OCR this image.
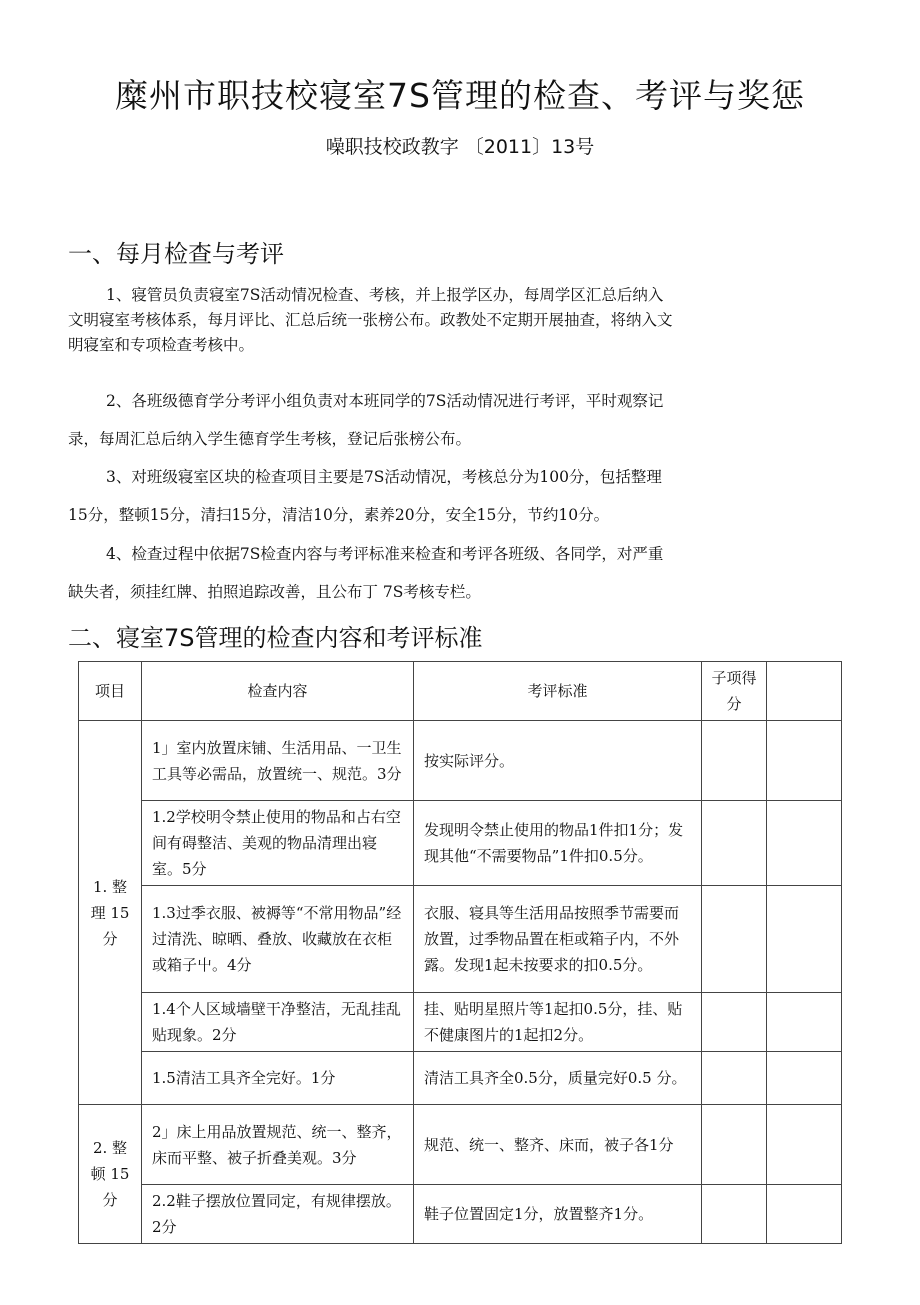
糜州市职技校寝室7S管理的检查、考评与奖惩
噪职技校政教字 〔2011〕13号
一、每月检查与考评
1、寝管员负责寝室7S活动情况检查、考核，并上报学区办，每周学区汇总后纳入
文明寝室考核体系，每月评比、汇总后统一张榜公布。政教处不定期开展抽查，将纳入文
明寝室和专项检查考核中。
2、各班级德育学分考评小组负责对本班同学的7S活动情况进行考评，平时观察记
录，每周汇总后纳入学生德育学生考核，登记后张榜公布。
3、对班级寝室区块的检查项目主要是7S活动情况，考核总分为100分，包括整理
15分，整顿15分，清扫15分，清洁10分，素养20分，安全15分，节约10分。
4、检查过程中依据7S检查内容与考评标准来检查和考评各班级、各同学，对严重
缺失者，须挂红牌、拍照追踪改善，且公布丁 7S考核专栏。
二、寝室7S管理的检查内容和考评标准
项目	检查内容	考评标准	子项得分	
1. 整理 15 分	1」室内放置床铺、生活用品、一卫生工具等必需品，放置统一、规范。3分	按实际评分。		
	1.2学校明令禁止使用的物品和占右空间有碍整洁、美观的物品清理出寝室。5分	发现明令禁止使用的物品1件扣1分；发现其他“不需要物品”1件扣0.5分。		
	1.3过季衣服、被褥等“不常用物品”经过清洗、晾晒、叠放、收藏放在衣柜或箱子屮。4分	衣服、寝具等生活用品按照季节需要而放置，过季物品置在柜或箱子内，不外露。发现1起未按要求的扣0.5分。		
	1.4个人区域墙壁干净整洁，无乱挂乱贴现象。2分	挂、贴明星照片等1起扣0.5分，挂、贴不健康图片的1起扣2分。		
	1.5清洁工具齐全完好。1分	清洁工具齐全0.5分，质量完好0.5 分。		
2. 整顿 15 分	2」床上用品放置规范、统一、整齐，床而平整、被子折叠美观。3分	规范、统一、整齐、床而，被子各1分		
	2.2鞋子摆放位置同定，有规律摆放。2分	鞋子位置固定1分，放置整齐1分。		
